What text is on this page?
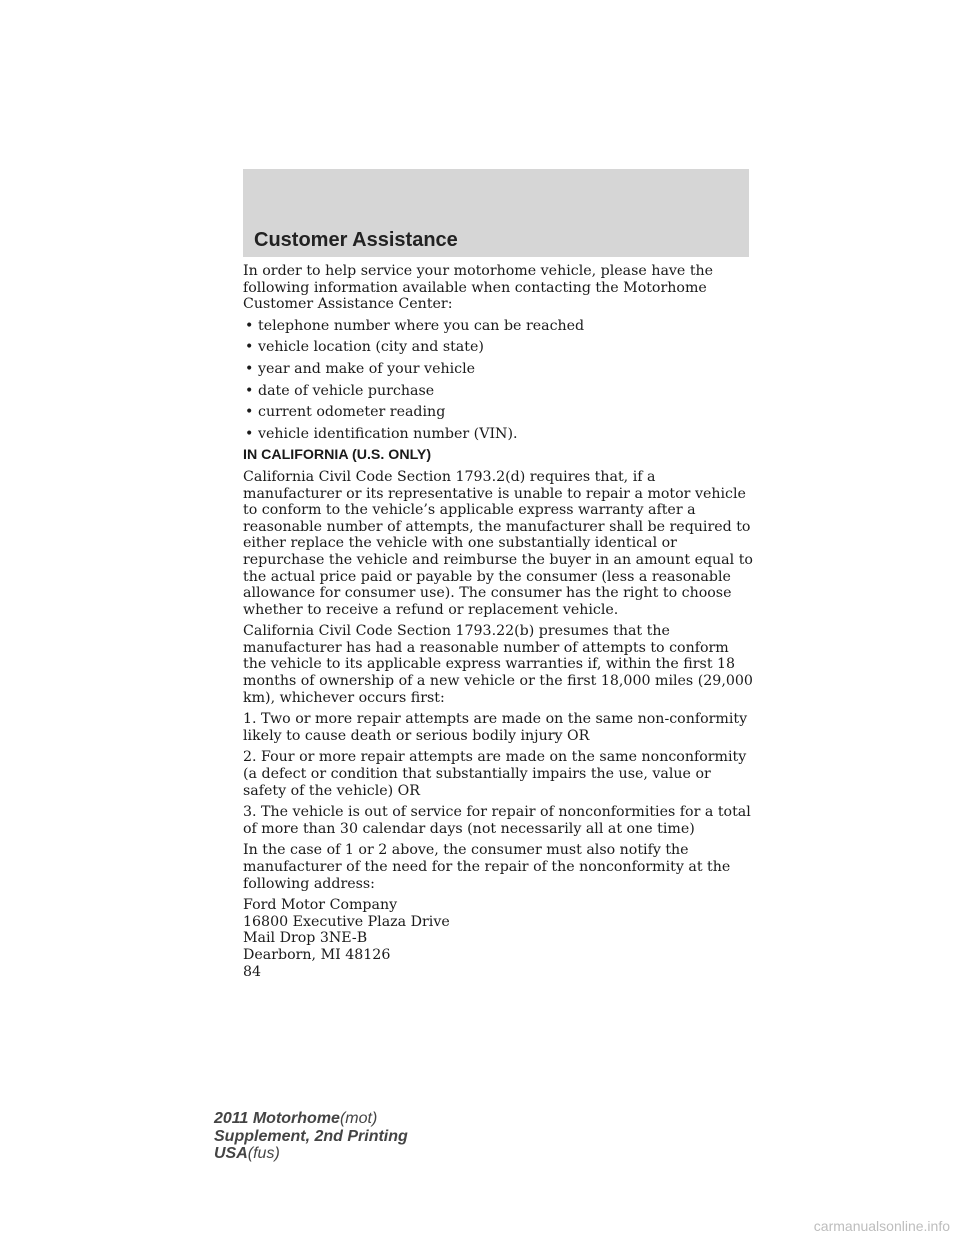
Customer Assistance

In order to help service your motorhome vehicle, please have the following information available when contacting the Motorhome Customer Assistance Center:

• telephone number where you can be reached
• vehicle location (city and state)
• year and make of your vehicle
• date of vehicle purchase
• current odometer reading
• vehicle identification number (VIN).
IN CALIFORNIA (U.S. ONLY)

California Civil Code Section 1793.2(d) requires that, if a manufacturer or its representative is unable to repair a motor vehicle to conform to the vehicle’s applicable express warranty after a reasonable number of attempts, the manufacturer shall be required to either replace the vehicle with one substantially identical or repurchase the vehicle and reimburse the buyer in an amount equal to the actual price paid or payable by the consumer (less a reasonable allowance for consumer use). The consumer has the right to choose whether to receive a refund or replacement vehicle.

California Civil Code Section 1793.22(b) presumes that the manufacturer has had a reasonable number of attempts to conform the vehicle to its applicable express warranties if, within the first 18 months of ownership of a new vehicle or the first 18,000 miles (29,000 km), whichever occurs first:

1. Two or more repair attempts are made on the same non-conformity likely to cause death or serious bodily injury OR

2. Four or more repair attempts are made on the same nonconformity (a defect or condition that substantially impairs the use, value or safety of the vehicle) OR

3. The vehicle is out of service for repair of nonconformities for a total of more than 30 calendar days (not necessarily all at one time)

In the case of 1 or 2 above, the consumer must also notify the manufacturer of the need for the repair of the nonconformity at the following address:

Ford Motor Company
16800 Executive Plaza Drive
Mail Drop 3NE-B
Dearborn, MI 48126
84
2011 Motorhome(mot)
Supplement, 2nd Printing
USA(fus)
carmanualsonline.info
